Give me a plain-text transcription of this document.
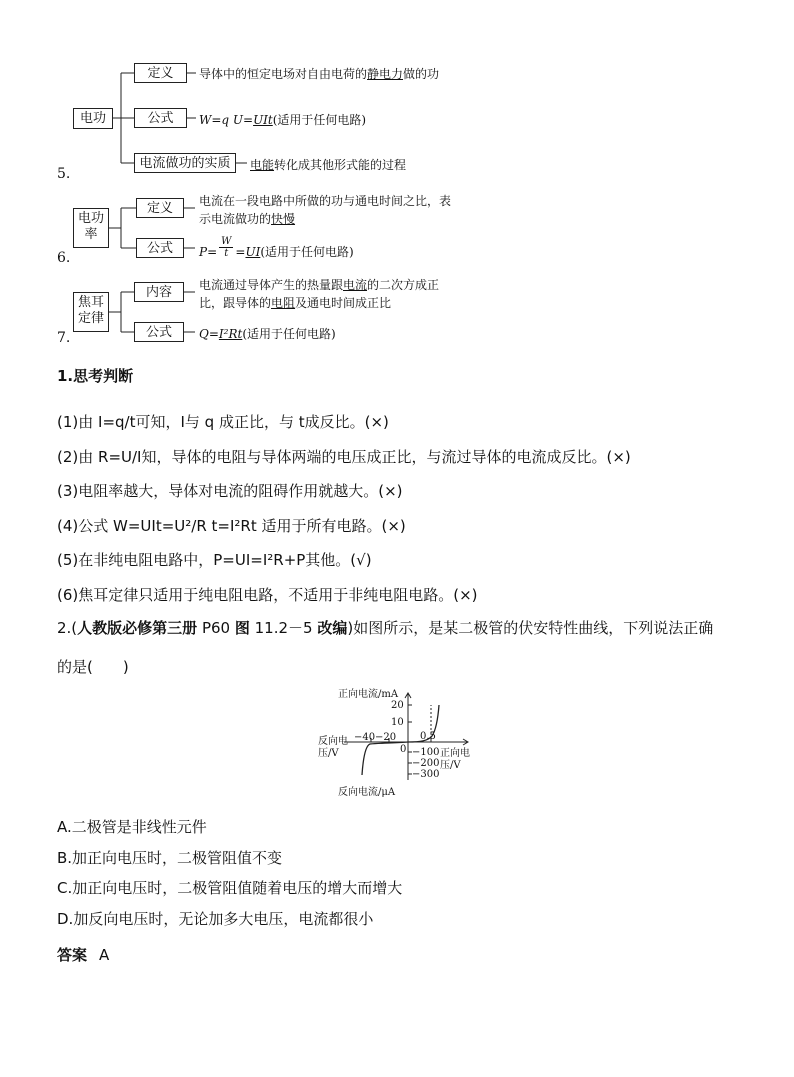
5.
电功
定义
公式
电流做功的实质
导体中的恒定电场对自由电荷的静电力做的功
W=q U=UIt(适用于任何电路)
电能转化成其他形式能的过程
6.
电功
率
定义
公式
电流在一段电路中所做的功与通电时间之比，表
示电流做功的快慢
$P= \frac{W}{t} =UI$(适用于任何电路)
7.
焦耳
定律
内容
公式
电流通过导体产生的热量跟电流的二次方成正
比，跟导体的电阻及通电时间成正比
Q=I²Rt(适用于任何电路)
1.思考判断
(1)由 I=q/t可知，I与 q 成正比，与 t成反比。(×)
(2)由 R=U/I知，导体的电阻与导体两端的电压成正比，与流过导体的电流成反比。(×)
(3)电阻率越大，导体对电流的阻碍作用就越大。(×)
(4)公式 W=UIt=U²/R t=I²Rt 适用于所有电路。(×)
(5)在非纯电阻电路中，P=UI=I²R+P其他。(√)
(6)焦耳定律只适用于纯电阻电路，不适用于非纯电阻电路。(×)
2.(人教版必修第三册 P60 图 11.2－5 改编)如图所示，是某二极管的伏安特性曲线，下列说法正确
的是(　　)
正向电流/mA
20
10
−40 −20
0
0.5
−100
−200
−300
反向电
压/V	正向电
压/V
反向电流/μA
A.二极管是非线性元件
B.加正向电压时，二极管阻值不变
C.加正向电压时，二极管阻值随着电压的增大而增大
D.加反向电压时，无论加多大电压，电流都很小
答案 A
